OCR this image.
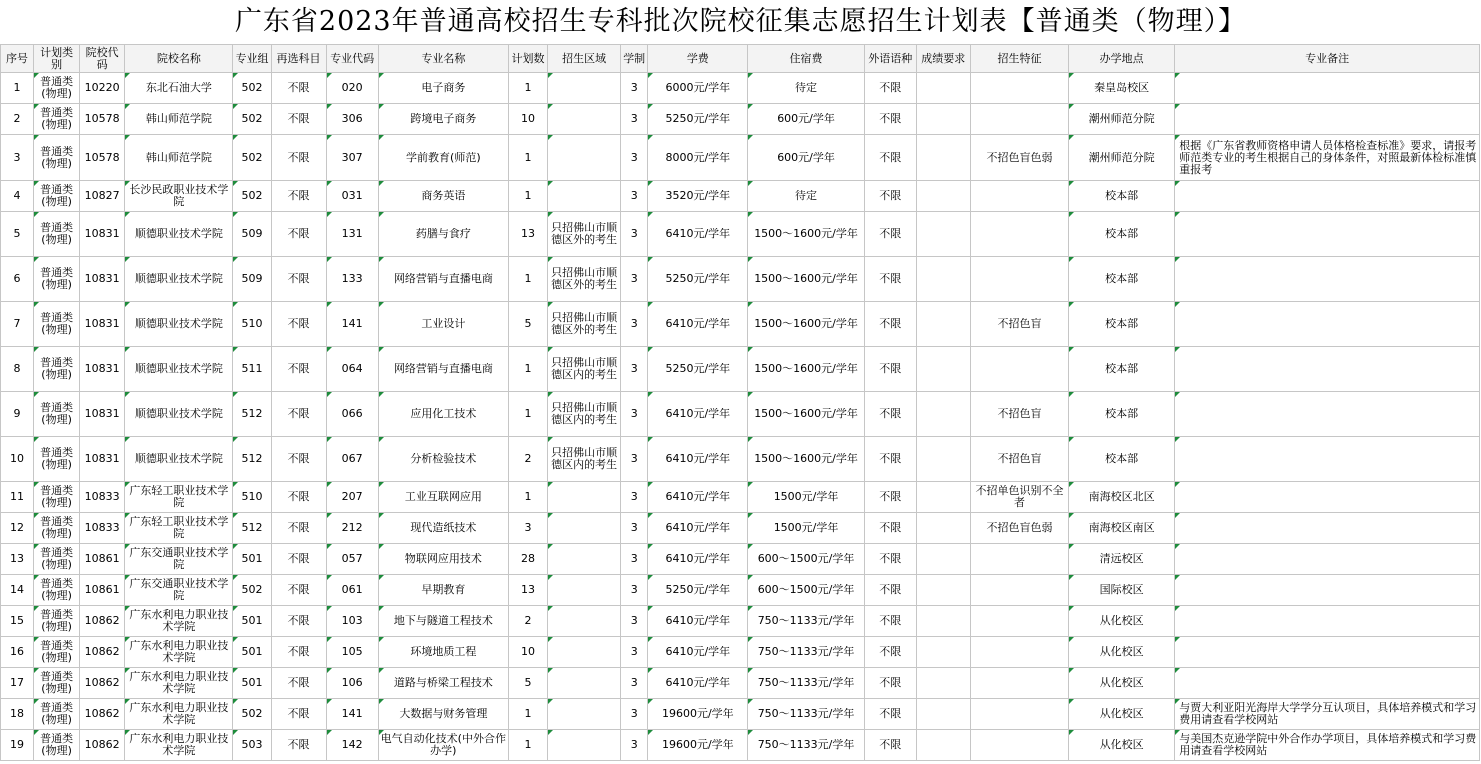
广东省2023年普通高校招生专科批次院校征集志愿招生计划表【普通类（物理）】
序号	计划类别	院校代码	院校名称	专业组	再选科目	专业代码	专业名称	计划数	招生区域	学制	学费	住宿费	外语语种	成绩要求	招生特征	办学地点	专业备注

1	普通类(物理)	10220	东北石油大学	502	不限	020	电子商务	1		3	6000元/学年	待定	不限			秦皇岛校区	

2	普通类(物理)	10578	韩山师范学院	502	不限	306	跨境电子商务	10		3	5250元/学年	600元/学年	不限			潮州师范分院	

3	普通类(物理)	10578	韩山师范学院	502	不限	307	学前教育(师范)	1		3	8000元/学年	600元/学年	不限		不招色盲色弱	潮州师范分院	根据《广东省教师资格申请人员体格检查标准》要求，请报考师范类专业的考生根据自己的身体条件，对照最新体检标准慎重报考

4	普通类(物理)	10827	长沙民政职业技术学院	502	不限	031	商务英语	1		3	3520元/学年	待定	不限			校本部	

5	普通类(物理)	10831	顺德职业技术学院	509	不限	131	药膳与食疗	13	只招佛山市顺德区外的考生	3	6410元/学年	1500～1600元/学年	不限			校本部	

6	普通类(物理)	10831	顺德职业技术学院	509	不限	133	网络营销与直播电商	1	只招佛山市顺德区外的考生	3	5250元/学年	1500～1600元/学年	不限			校本部	

7	普通类(物理)	10831	顺德职业技术学院	510	不限	141	工业设计	5	只招佛山市顺德区外的考生	3	6410元/学年	1500～1600元/学年	不限		不招色盲	校本部	

8	普通类(物理)	10831	顺德职业技术学院	511	不限	064	网络营销与直播电商	1	只招佛山市顺德区内的考生	3	5250元/学年	1500～1600元/学年	不限			校本部	

9	普通类(物理)	10831	顺德职业技术学院	512	不限	066	应用化工技术	1	只招佛山市顺德区内的考生	3	6410元/学年	1500～1600元/学年	不限		不招色盲	校本部	

10	普通类(物理)	10831	顺德职业技术学院	512	不限	067	分析检验技术	2	只招佛山市顺德区内的考生	3	6410元/学年	1500～1600元/学年	不限		不招色盲	校本部	

11	普通类(物理)	10833	广东轻工职业技术学院	510	不限	207	工业互联网应用	1		3	6410元/学年	1500元/学年	不限		不招单色识别不全者	南海校区北区	

12	普通类(物理)	10833	广东轻工职业技术学院	512	不限	212	现代造纸技术	3		3	6410元/学年	1500元/学年	不限		不招色盲色弱	南海校区南区	

13	普通类(物理)	10861	广东交通职业技术学院	501	不限	057	物联网应用技术	28		3	6410元/学年	600～1500元/学年	不限			清远校区	

14	普通类(物理)	10861	广东交通职业技术学院	502	不限	061	早期教育	13		3	5250元/学年	600～1500元/学年	不限			国际校区	

15	普通类(物理)	10862	广东水利电力职业技术学院	501	不限	103	地下与隧道工程技术	2		3	6410元/学年	750～1133元/学年	不限			从化校区	

16	普通类(物理)	10862	广东水利电力职业技术学院	501	不限	105	环境地质工程	10		3	6410元/学年	750～1133元/学年	不限			从化校区	

17	普通类(物理)	10862	广东水利电力职业技术学院	501	不限	106	道路与桥梁工程技术	5		3	6410元/学年	750～1133元/学年	不限			从化校区	

18	普通类(物理)	10862	广东水利电力职业技术学院	502	不限	141	大数据与财务管理	1		3	19600元/学年	750～1133元/学年	不限			从化校区	与贾大利亚阳光海岸大学学分互认项目，具体培养模式和学习费用请查看学校网站

19	普通类(物理)	10862	广东水利电力职业技术学院	503	不限	142	电气自动化技术(中外合作办学)	1		3	19600元/学年	750～1133元/学年	不限			从化校区	与美国杰克逊学院中外合作办学项目，具体培养模式和学习费用请查看学校网站
